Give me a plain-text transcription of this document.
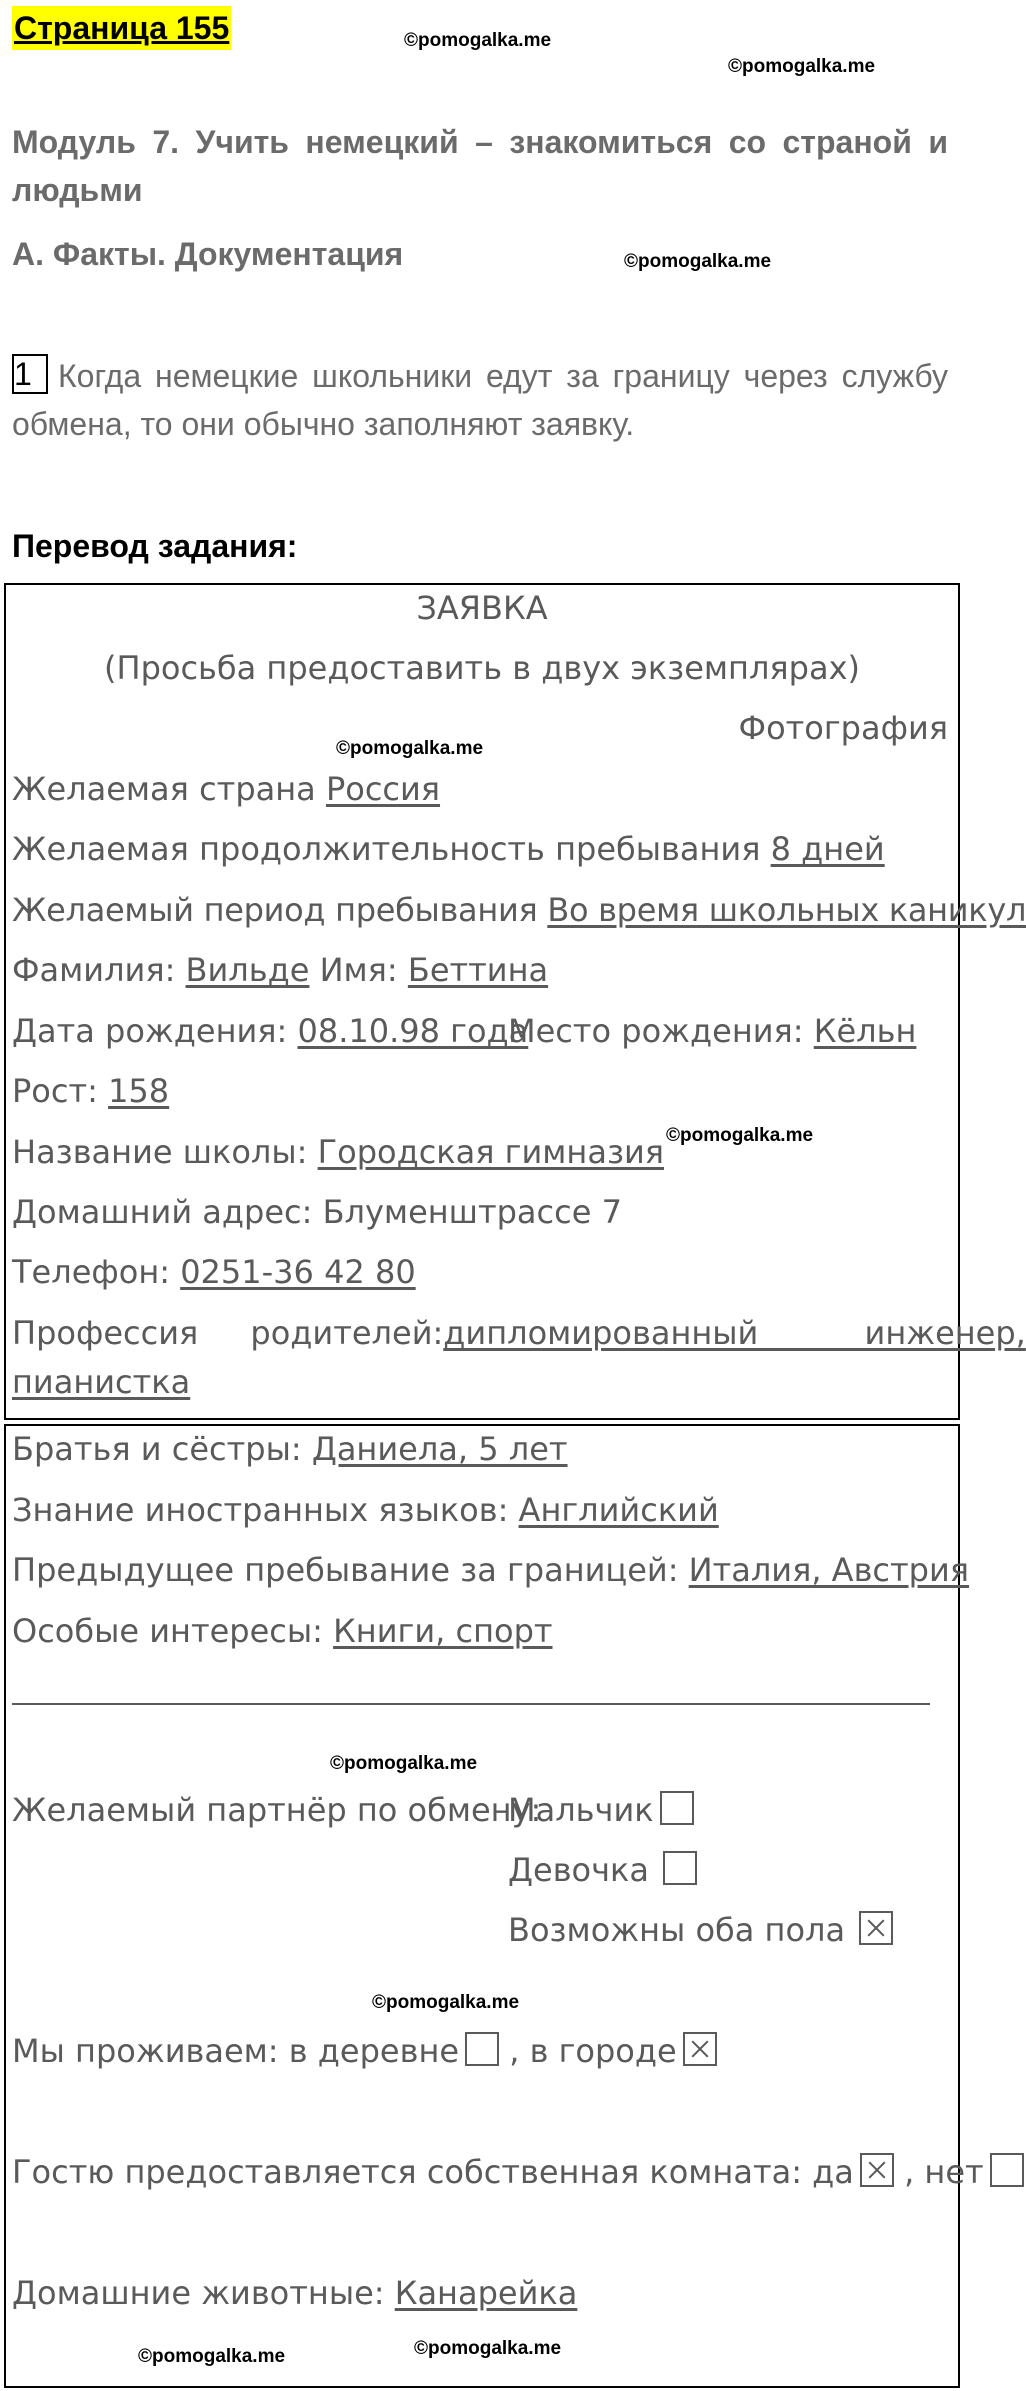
Страница 155	©pomogalka.me
©pomogalka.me
Модуль 7. Учить немецкий – знакомиться со страной и людьми
A. Факты. Документация	©pomogalka.me
1 Когда немецкие школьники едут за границу через службу обмена, то они обычно заполняют заявку.
Перевод задания:
ЗАЯВКА
(Просьба предоставить в двух экземплярах)
Фотография
©pomogalka.me
Желаемая страна Россия
Желаемая продолжительность пребывания 8 дней
Желаемый период пребывания Во время школьных каникул
Фамилия: Вильде Имя: Беттина
Дата рождения: 08.10.98 года
Место рождения: Кёльн
Рост: 158
Название школы: Городская гимназия ©pomogalka.me
Домашний адрес: Блуменштрассе 7
Телефон: 0251-36 42 80
Профессия родителей: дипломированный инженер,
пианистка
Братья и сёстры: Даниела, 5 лет
Знание иностранных языков: Английский
Предыдущее пребывание за границей: Италия, Австрия
Особые интересы: Книги, спорт
©pomogalka.me
Желаемый партнёр по обмену:
Мальчик
Девочка
Возможны оба пола
©pomogalka.me
Мы проживаем: в деревне , в городе
Гостю предоставляется собственная комната: да , нет
Домашние животные: Канарейка
©pomogalka.me	©pomogalka.me
